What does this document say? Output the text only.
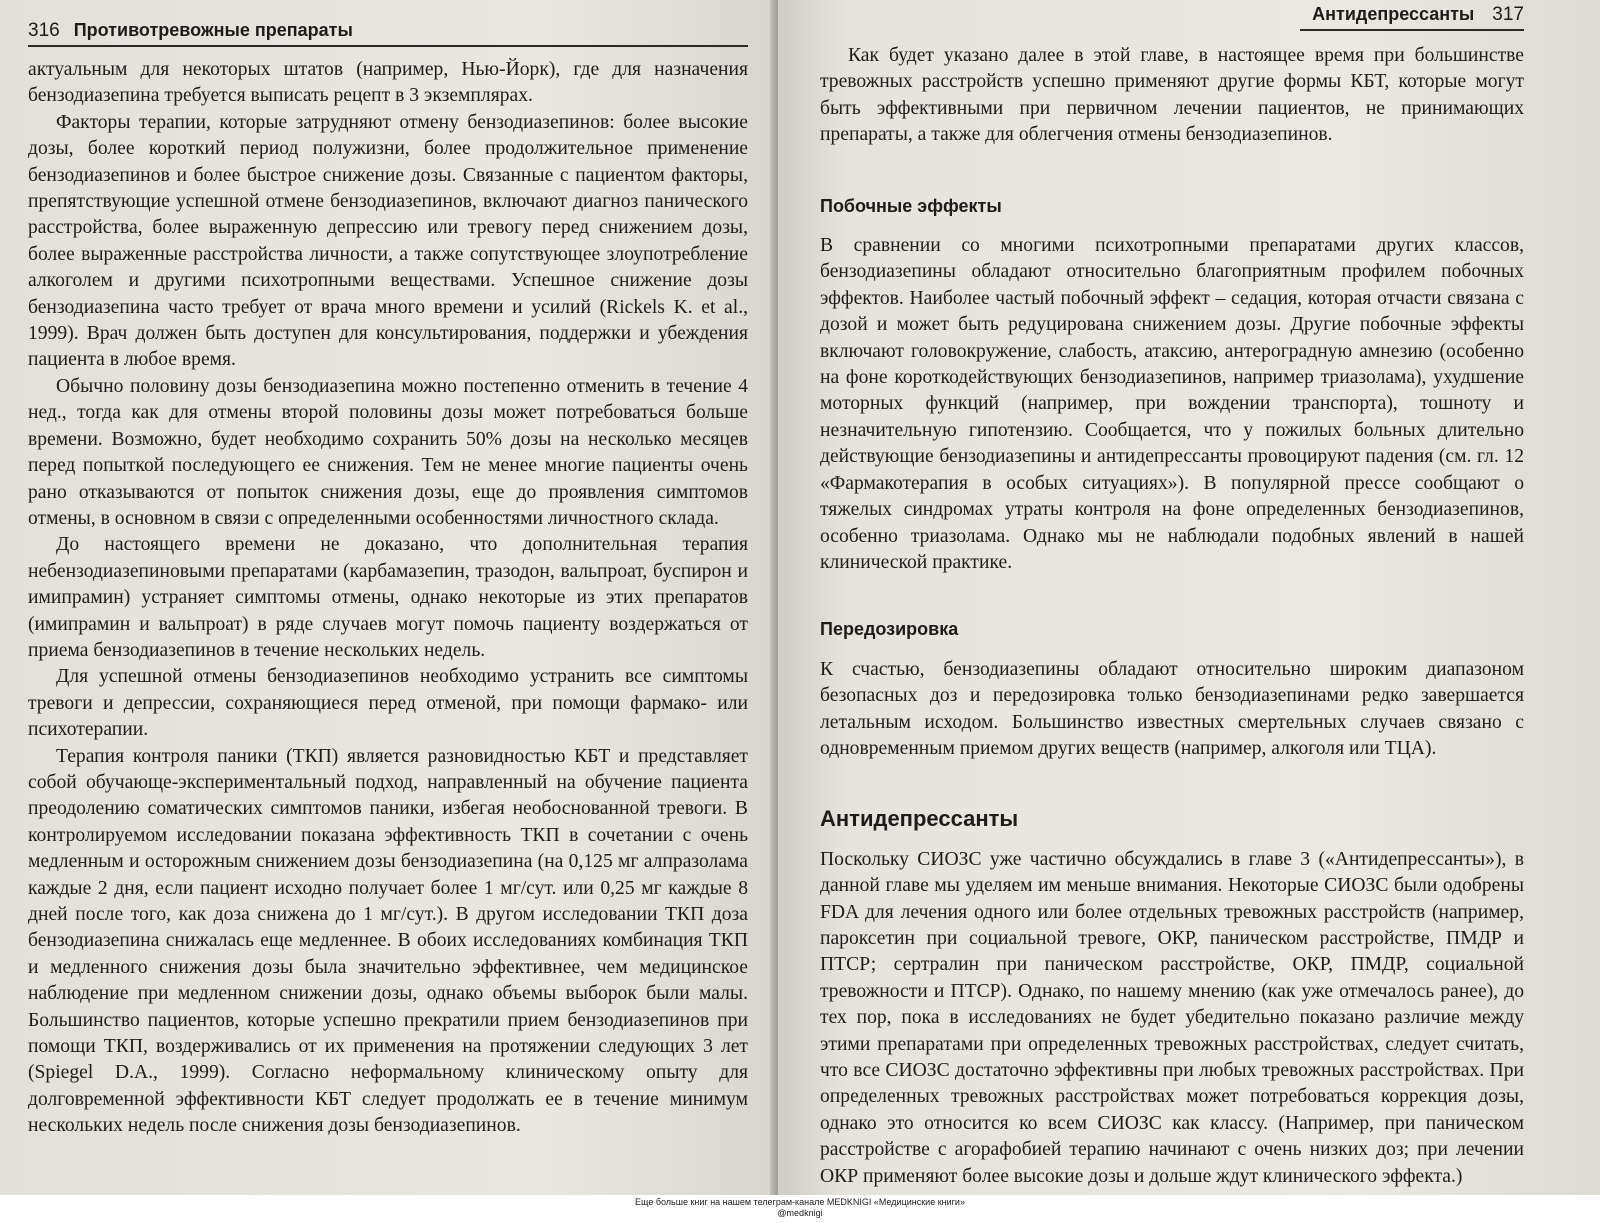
316 Противотревожные препараты

актуальным для некоторых штатов (например, Нью-Йорк), где для назначения бензодиазепина требуется выписать рецепт в 3 экземплярах.

Факторы терапии, которые затрудняют отмену бензодиазепинов: более высокие дозы, более короткий период полужизни, более продолжительное применение бензодиазепинов и более быстрое снижение дозы. Связанные с пациентом факторы, препятствующие успешной отмене бензодиазепинов, включают диагноз панического расстройства, более выраженную депрессию или тревогу перед снижением дозы, более выраженные расстройства личности, а также сопутствующее злоупотребление алкоголем и другими психотропными веществами. Успешное снижение дозы бензодиазепина часто требует от врача много времени и усилий (Rickels K. et al., 1999). Врач должен быть доступен для консультирования, поддержки и убеждения пациента в любое время.

Обычно половину дозы бензодиазепина можно постепенно отменить в течение 4 нед., тогда как для отмены второй половины дозы может потребоваться больше времени. Возможно, будет необходимо сохранить 50% дозы на несколько месяцев перед попыткой последующего ее снижения. Тем не менее многие пациенты очень рано отказываются от попыток снижения дозы, еще до проявления симптомов отмены, в основном в связи с определенными особенностями личностного склада.

До настоящего времени не доказано, что дополнительная терапия небензодиазепиновыми препаратами (карбамазепин, тразодон, вальпроат, буспирон и имипрамин) устраняет симптомы отмены, однако некоторые из этих препаратов (имипрамин и вальпроат) в ряде случаев могут помочь пациенту воздержаться от приема бензодиазепинов в течение нескольких недель.

Для успешной отмены бензодиазепинов необходимо устранить все симптомы тревоги и депрессии, сохраняющиеся перед отменой, при помощи фармако- или психотерапии.

Терапия контроля паники (ТКП) является разновидностью КБТ и представляет собой обучающе-экспериментальный подход, направленный на обучение пациента преодолению соматических симптомов паники, избегая необоснованной тревоги. В контролируемом исследовании показана эффективность ТКП в сочетании с очень медленным и осторожным снижением дозы бензодиазепина (на 0,125 мг алпразолама каждые 2 дня, если пациент исходно получает более 1 мг/сут. или 0,25 мг каждые 8 дней после того, как доза снижена до 1 мг/сут.). В другом исследовании ТКП доза бензодиазепина снижалась еще медленнее. В обоих исследованиях комбинация ТКП и медленного снижения дозы была значительно эффективнее, чем медицинское наблюдение при медленном снижении дозы, однако объемы выборок были малы. Большинство пациентов, которые успешно прекратили прием бензодиазепинов при помощи ТКП, воздерживались от их применения на протяжении следующих 3 лет (Spiegel D.A., 1999). Согласно неформальному клиническому опыту для долговременной эффективности КБТ следует продолжать ее в течение минимум нескольких недель после снижения дозы бензодиазепинов.

Антидепрессанты 317

Как будет указано далее в этой главе, в настоящее время при большинстве тревожных расстройств успешно применяют другие формы КБТ, которые могут быть эффективными при первичном лечении пациентов, не принимающих препараты, а также для облегчения отмены бензодиазепинов.

Побочные эффекты

В сравнении со многими психотропными препаратами других классов, бензодиазепины обладают относительно благоприятным профилем побочных эффектов. Наиболее частый побочный эффект – седация, которая отчасти связана с дозой и может быть редуцирована снижением дозы. Другие побочные эффекты включают головокружение, слабость, атаксию, антероградную амнезию (особенно на фоне короткодействующих бензодиазепинов, например триазолама), ухудшение моторных функций (например, при вождении транспорта), тошноту и незначительную гипотензию. Сообщается, что у пожилых больных длительно действующие бензодиазепины и антидепрессанты провоцируют падения (см. гл. 12 «Фармакотерапия в особых ситуациях»). В популярной прессе сообщают о тяжелых синдромах утраты контроля на фоне определенных бензодиазепинов, особенно триазолама. Однако мы не наблюдали подобных явлений в нашей клинической практике.

Передозировка

К счастью, бензодиазепины обладают относительно широким диапазоном безопасных доз и передозировка только бензодиазепинами редко завершается летальным исходом. Большинство известных смертельных случаев связано с одновременным приемом других веществ (например, алкоголя или ТЦА).

Антидепрессанты

Поскольку СИОЗС уже частично обсуждались в главе 3 («Антидепрессанты»), в данной главе мы уделяем им меньше внимания. Некоторые СИОЗС были одобрены FDA для лечения одного или более отдельных тревожных расстройств (например, пароксетин при социальной тревоге, ОКР, паническом расстройстве, ПМДР и ПТСР; сертралин при паническом расстройстве, ОКР, ПМДР, социальной тревожности и ПТСР). Однако, по нашему мнению (как уже отмечалось ранее), до тех пор, пока в исследованиях не будет убедительно показано различие между этими препаратами при определенных тревожных расстройствах, следует считать, что все СИОЗС достаточно эффективны при любых тревожных расстройствах. При определенных тревожных расстройствах может потребоваться коррекция дозы, однако это относится ко всем СИОЗС как классу. (Например, при паническом расстройстве с агорафобией терапию начинают с очень низких доз; при лечении ОКР применяют более высокие дозы и дольше ждут клинического эффекта.)

Еще больше книг на нашем телеграм-канале MEDKNIGI «Медицинские книги»
@medknigi
